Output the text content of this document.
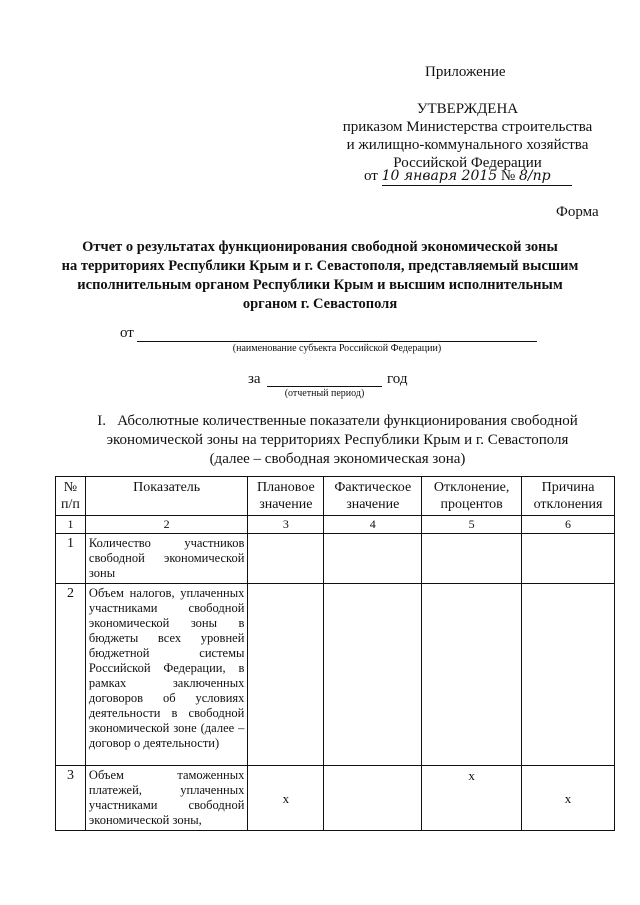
Приложение
УТВЕРЖДЕНА
приказом Министерства строительства
и жилищно-коммунального хозяйства
Российской Федерации
от 10 января 2015 № 8/пр
Форма
Отчет о результатах функционирования свободной экономической зоны
на территориях Республики Крым и г. Севастополя, представляемый высшим
исполнительным органом Республики Крым и высшим исполнительным
органом г. Севастополя
от
(наименование субъекта Российской Федерации)
за	год
(отчетный период)
I.   Абсолютные количественные показатели функционирования свободной
экономической зоны на территориях Республики Крым и г. Севастополя
(далее – свободная экономическая зона)
№ п/п	Показатель	Плановое значение	Фактическое значение	Отклонение, процентов	Причина отклонения
1	2	3	4	5	6
1	Количество участников свободной экономической зоны				
2	Объем налогов, уплаченных участниками свободной экономической зоны в бюджеты всех уровней бюджетной системы Российской Федерации, в рамках заключенных договоров об условиях деятельности в свободной экономической зоне (далее – договор о деятельности)				
3	Объем таможенных платежей, уплаченных участниками свободной экономической зоны,	x		x	x
